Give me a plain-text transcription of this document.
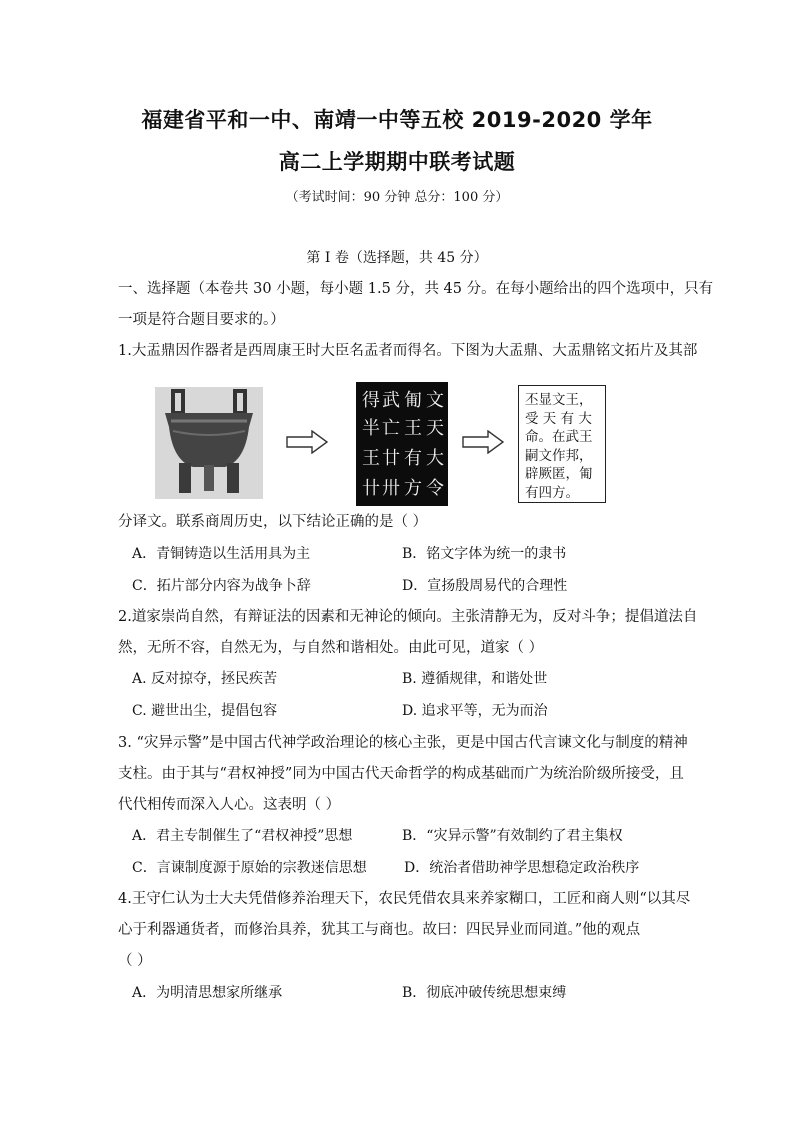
福建省平和一中、南靖一中等五校 2019-2020 学年
高二上学期期中联考试题
（考试时间：90 分钟 总分：100 分）
第 I 卷（选择题，共 45 分）
一、选择题（本卷共 30 小题，每小题 1.5 分，共 45 分。在每小题给出的四个选项中，只有
一项是符合题目要求的。）
1.大盂鼎因作器者是西周康王时大臣名盂者而得名。下图为大盂鼎、大盂鼎铭文拓片及其部
得 武 匍 文
半 亡 王 天
王 廿 有 大
卄 卅 方 令
丕显文王，
受 天 有 大
命。在武王
嗣文作邦，
辟厥匿，匍
有四方。
分译文。联系商周历史，以下结论正确的是（ ）
A．青铜铸造以生活用具为主	B．铭文字体为统一的隶书
C．拓片部分内容为战争卜辞	D．宣扬殷周易代的合理性
2.道家崇尚自然，有辩证法的因素和无神论的倾向。主张清静无为，反对斗争；提倡道法自
然，无所不容，自然无为，与自然和谐相处。由此可见，道家（ ）
A. 反对掠夺，拯民疾苦	B. 遵循规律，和谐处世
C. 避世出尘，提倡包容	D. 追求平等，无为而治
3. “灾异示警”是中国古代神学政治理论的核心主张，更是中国古代言谏文化与制度的精神
支柱。由于其与“君权神授”同为中国古代天命哲学的构成基础而广为统治阶级所接受，且
代代相传而深入人心。这表明（ ）
A．君主专制催生了“君权神授”思想	B．“灾异示警”有效制约了君主集权
C．言谏制度源于原始的宗教迷信思想	D．统治者借助神学思想稳定政治秩序
4.王守仁认为士大夫凭借修养治理天下，农民凭借农具来养家糊口，工匠和商人则“以其尽
心于利器通货者，而修治具养，犹其工与商也。故曰：四民异业而同道。”他的观点
（ ）
A．为明清思想家所继承	B．彻底冲破传统思想束缚
